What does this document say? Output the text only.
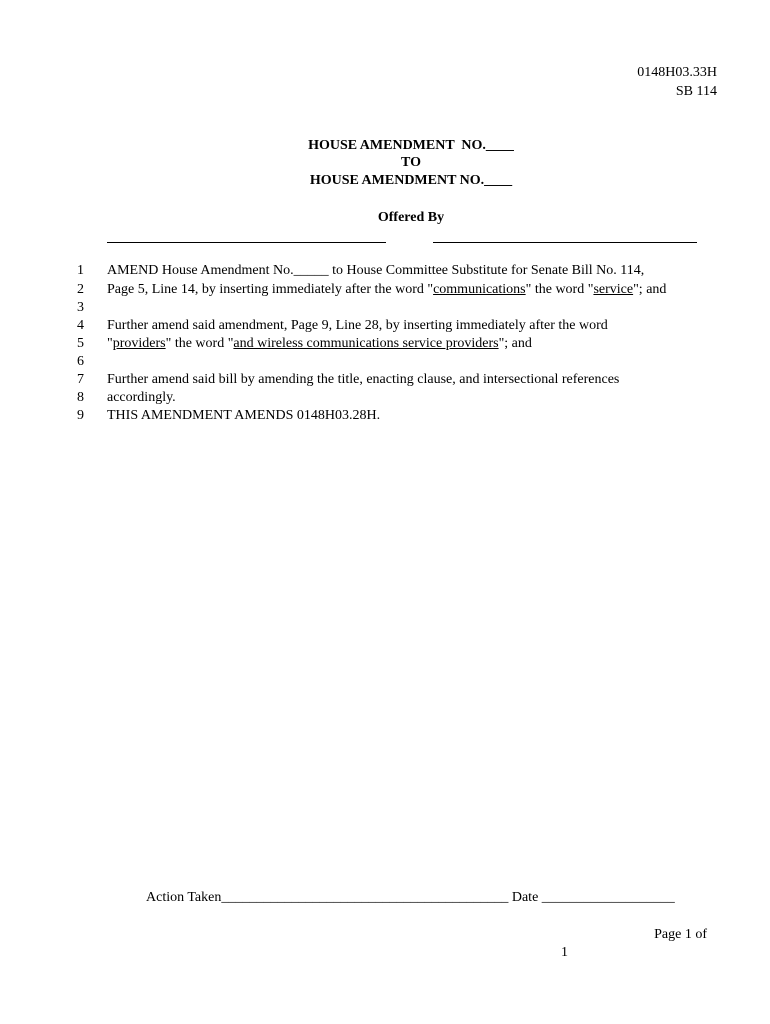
0148H03.33H
SB 114
HOUSE AMENDMENT  NO.____
TO
HOUSE AMENDMENT NO.____
Offered By
1
2
3
4
5
6
7
8
9
AMEND House Amendment No._____ to House Committee Substitute for Senate Bill No. 114,
Page 5, Line 14, by inserting immediately after the word "communications" the word "service"; and
Further amend said amendment, Page 9, Line 28, by inserting immediately after the word
"providers" the word "and wireless communications service providers"; and
Further amend said bill by amending the title, enacting clause, and intersectional references
accordingly.
THIS AMENDMENT AMENDS 0148H03.28H.
Action Taken_________________________________________ Date ___________________
Page 1 of
1
